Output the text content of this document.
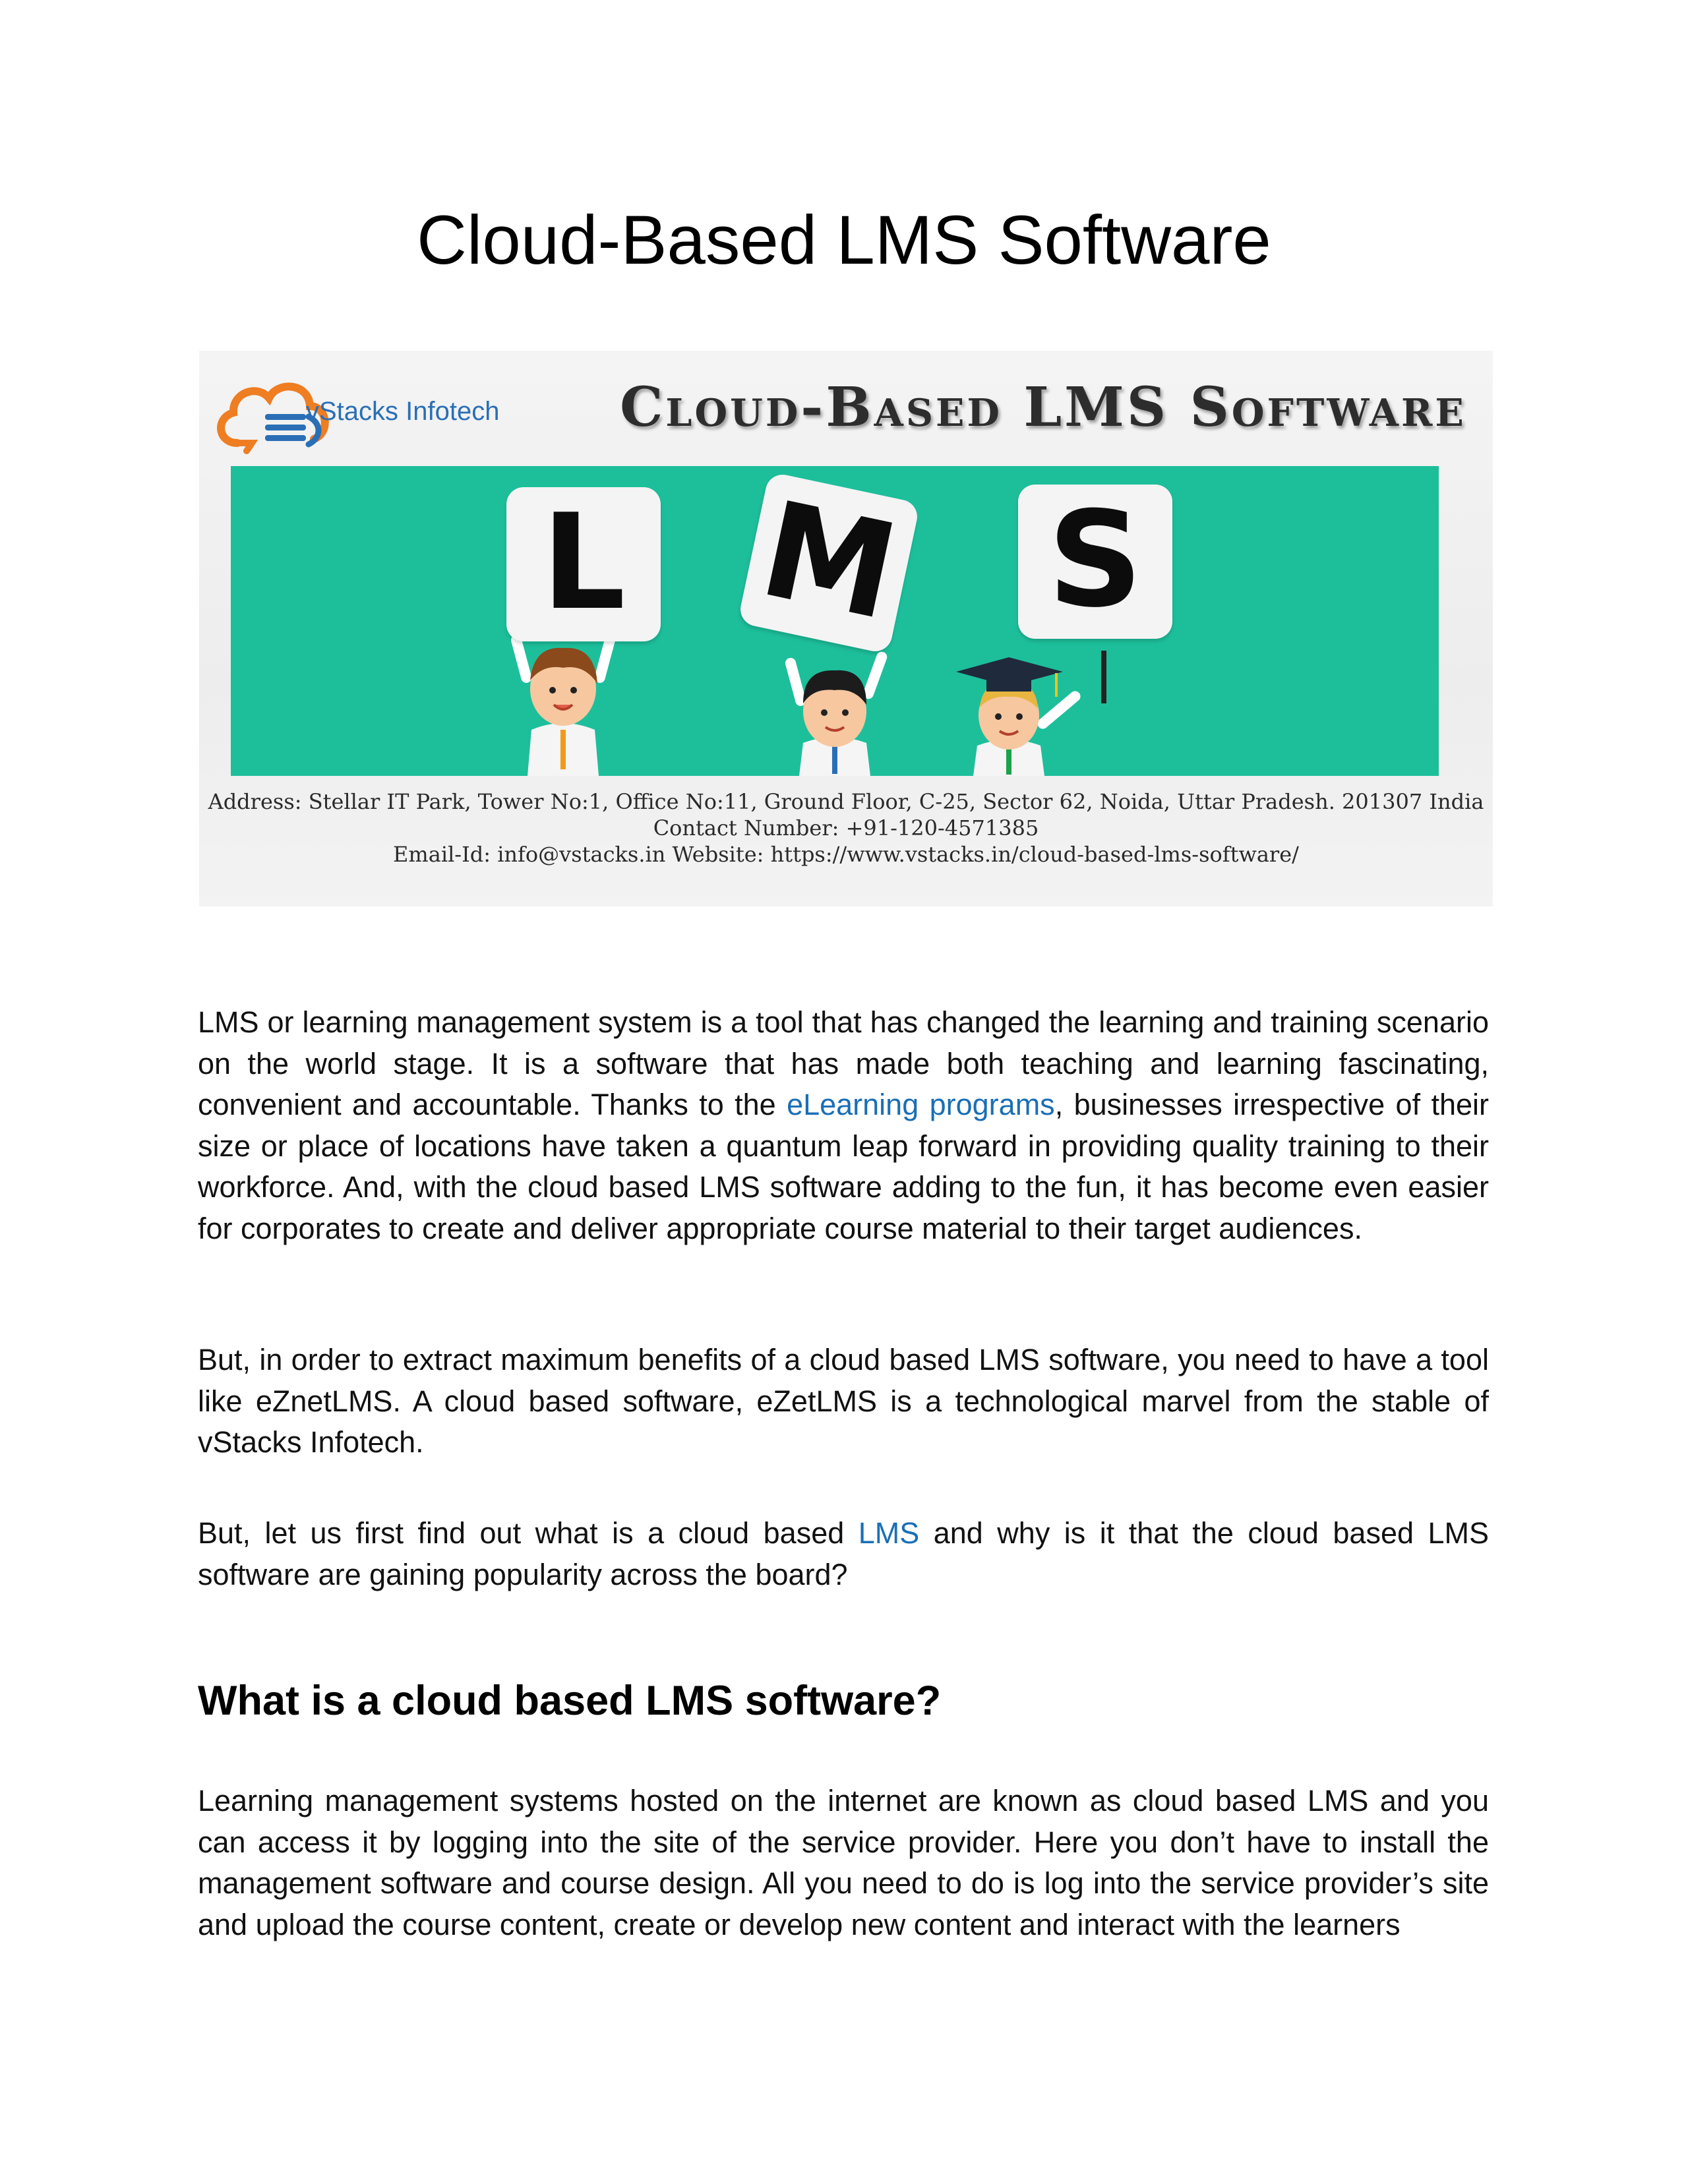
Cloud-Based LMS Software
vStacks Infotech Cloud-Based LMS Software
L M S
Address: Stellar IT Park, Tower No:1, Office No:11, Ground Floor, C-25, Sector 62, Noida, Uttar Pradesh. 201307 India
Contact Number: +91-120-4571385
Email-Id: info@vstacks.in Website: https://www.vstacks.in/cloud-based-lms-software/

LMS or learning management system is a tool that has changed the learning and training scenario on the world stage. It is a software that has made both teaching and learning fascinating, convenient and accountable. Thanks to the eLearning programs, businesses irrespective of their size or place of locations have taken a quantum leap forward in providing quality training to their workforce. And, with the cloud based LMS software adding to the fun, it has become even easier for corporates to create and deliver appropriate course material to their target audiences.

But, in order to extract maximum benefits of a cloud based LMS software, you need to have a tool like eZnetLMS. A cloud based software, eZetLMS is a technological marvel from the stable of vStacks Infotech.

But, let us first find out what is a cloud based LMS and why is it that the cloud based LMS software are gaining popularity across the board?

What is a cloud based LMS software?

Learning management systems hosted on the internet are known as cloud based LMS and you can access it by logging into the site of the service provider. Here you don’t have to install the management software and course design. All you need to do is log into the service provider’s site and upload the course content, create or develop new content and interact with the learners
